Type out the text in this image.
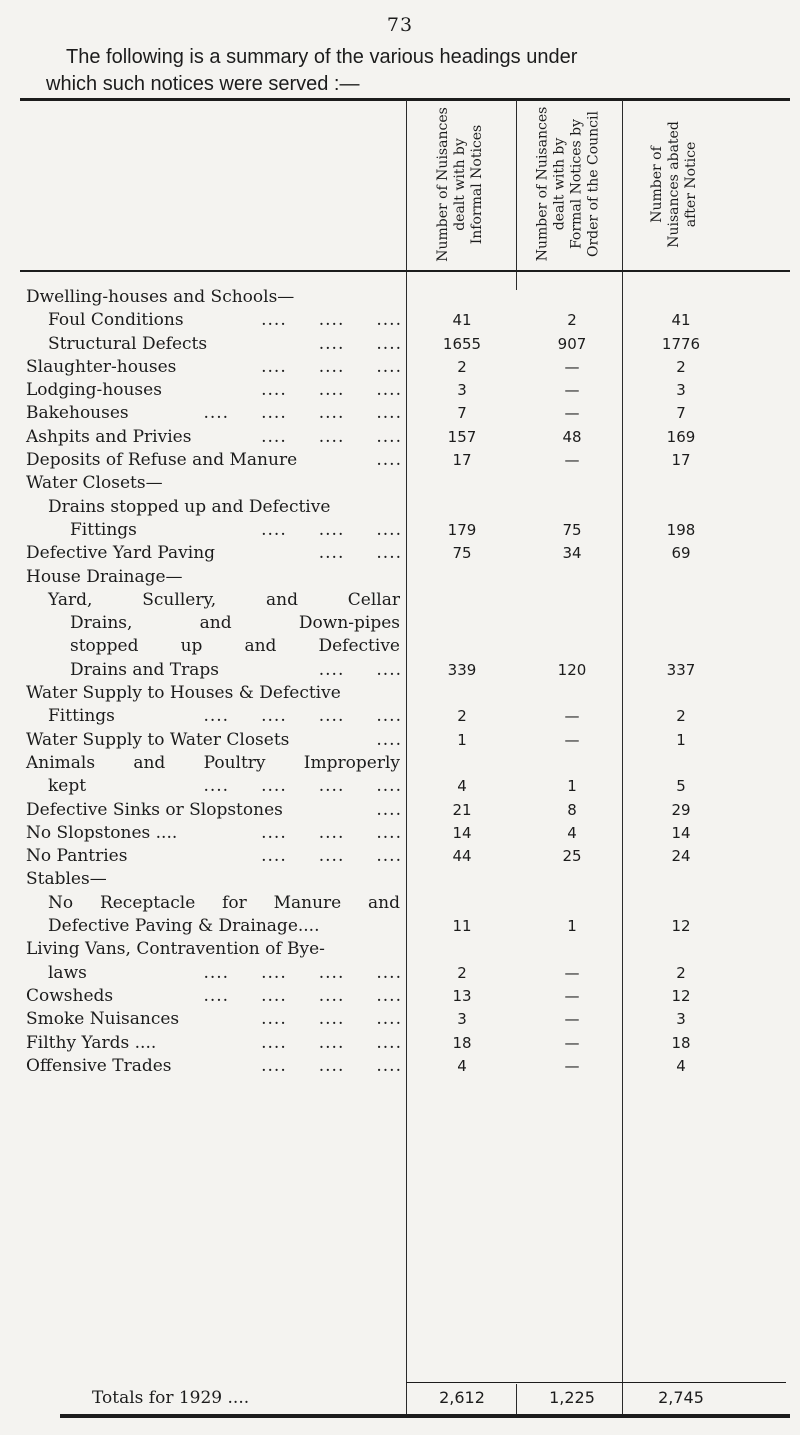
73
The following is a summary of the various headings under
which such notices were served :—
Number of Nuisances dealt with by Informal Notices	Number of Nuisances dealt with by Formal Notices by Order of the Council	Number of Nuisances abated after Notice
Dwelling-houses and Schools—			

Foul Conditions ....     ....     ....	41	2	41

Structural Defects ....     ....	1655	907	1776

Slaughter-houses ....     ....     ....	2	—	2

Lodging-houses ....     ....     ....	3	—	3

Bakehouses ....     ....     ....     ....	7	—	7

Ashpits and Privies ....     ....     ....	157	48	169

Deposits of Refuse and Manure ....	17	—	17

Water Closets—			

Drains stopped up and Defective			

Fittings ....     ....     ....	179	75	198

Defective Yard Paving ....     ....	75	34	69

House Drainage—			

Yard, Scullery, and Cellar			

Drains, and Down-pipes			

stopped up and Defective			

Drains and Traps ....     ....	339	120	337

Water Supply to Houses & Defective			

Fittings ....     ....     ....     ....	2	—	2

Water Supply to Water Closets ....	1	—	1

Animals and Poultry Improperly			

kept ....     ....     ....     ....	4	1	5

Defective Sinks or Slopstones ....	21	8	29

No Slopstones .... ....     ....     ....	14	4	14

No Pantries ....     ....     ....	44	25	24

Stables—			

No Receptacle for Manure and			

Defective Paving & Drainage....	11	1	12

Living Vans, Contravention of Bye-			

laws ....     ....     ....     ....	2	—	2

Cowsheds ....     ....     ....     ....	13	—	12

Smoke Nuisances ....     ....     ....	3	—	3

Filthy Yards .... ....     ....     ....	18	—	18

Offensive Trades ....     ....     ....	4	—	4
Totals for 1929 ....	2,612	1,225	2,745
